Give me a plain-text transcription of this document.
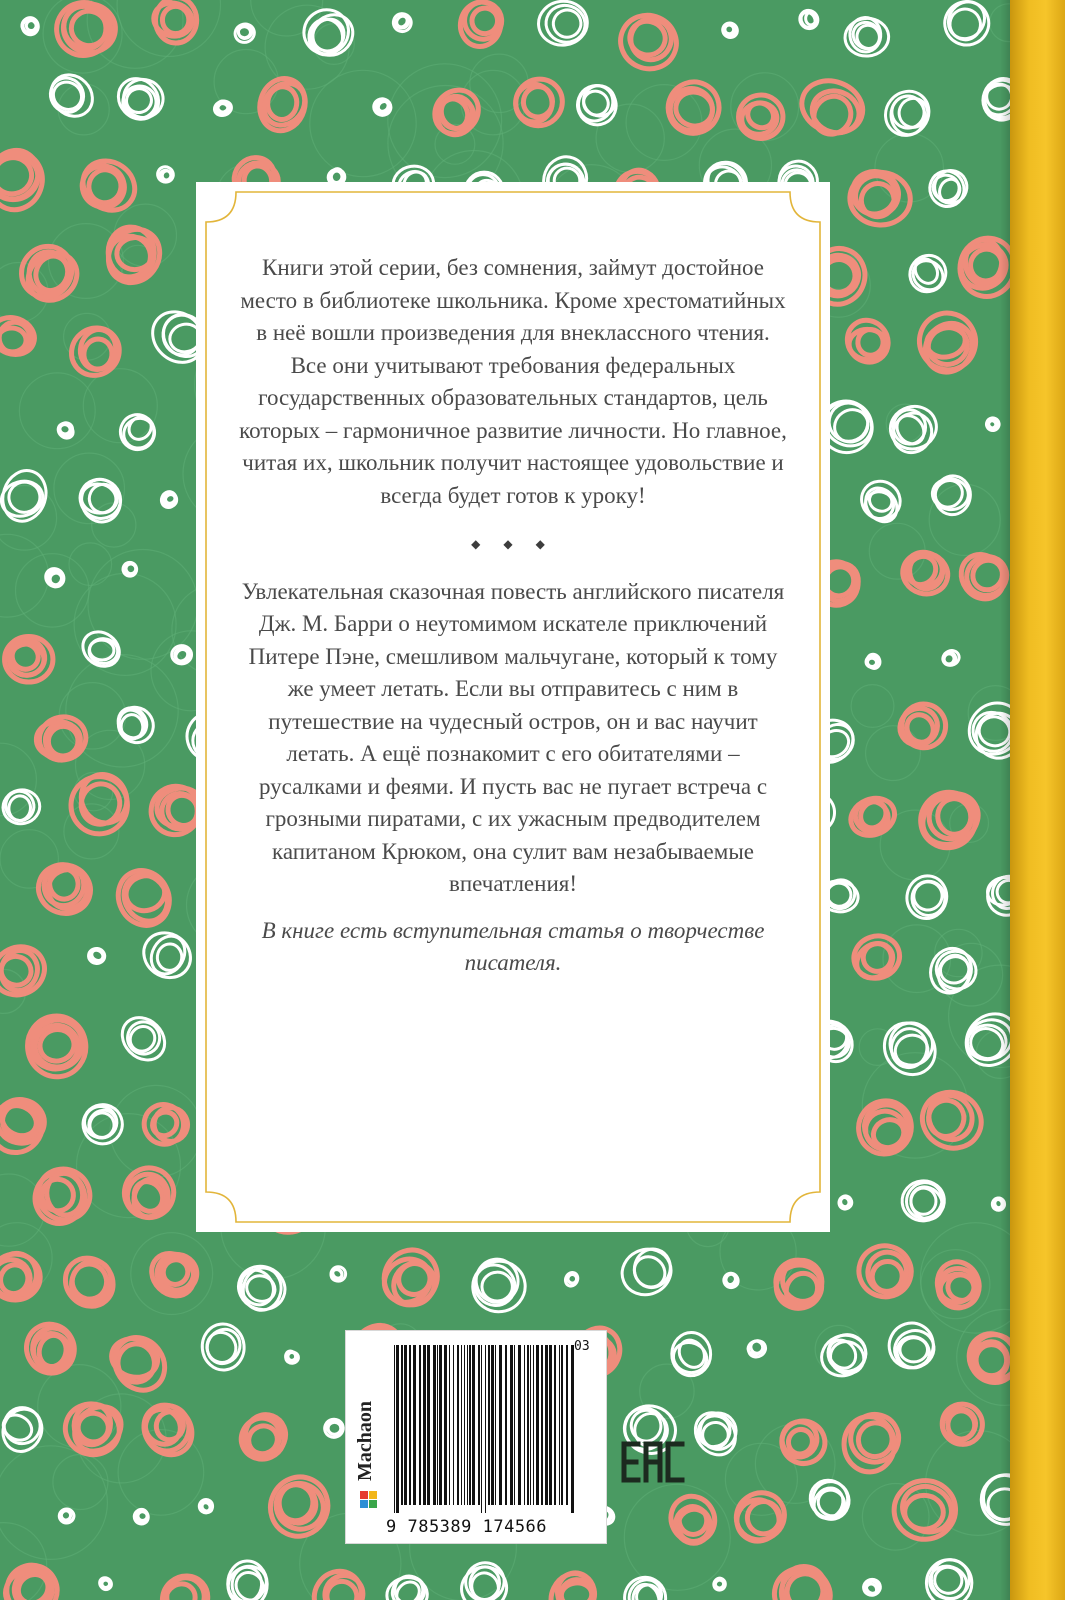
Книги этой серии, без сомнения, займут достойное место в библиотеке школьника. Кроме хрестоматийных в неё вошли произведения для внеклассного чтения. Все они учитывают требования федеральных государственных образовательных стандартов, цель которых – гармоничное развитие личности. Но главное, читая их, школьник получит настоящее удовольствие и всегда будет готов к уроку!

◆ ◆ ◆

Увлекательная сказочная повесть английского писателя Дж. М. Барри о неутомимом искателе приключений Питере Пэне, смешливом мальчугане, который к тому же умеет летать. Если вы отправитесь с ним в путешествие на чудесный остров, он и вас научит летать. А ещё познакомит с его обитателями – русалками и феями. И пусть вас не пугает встреча с грозными пиратами, с их ужасным предводителем капитаном Крюком, она сулит вам незабываемые впечатления!

В книге есть вступительная статья о творчестве писателя.

Machaon
03
9 785389 174566
